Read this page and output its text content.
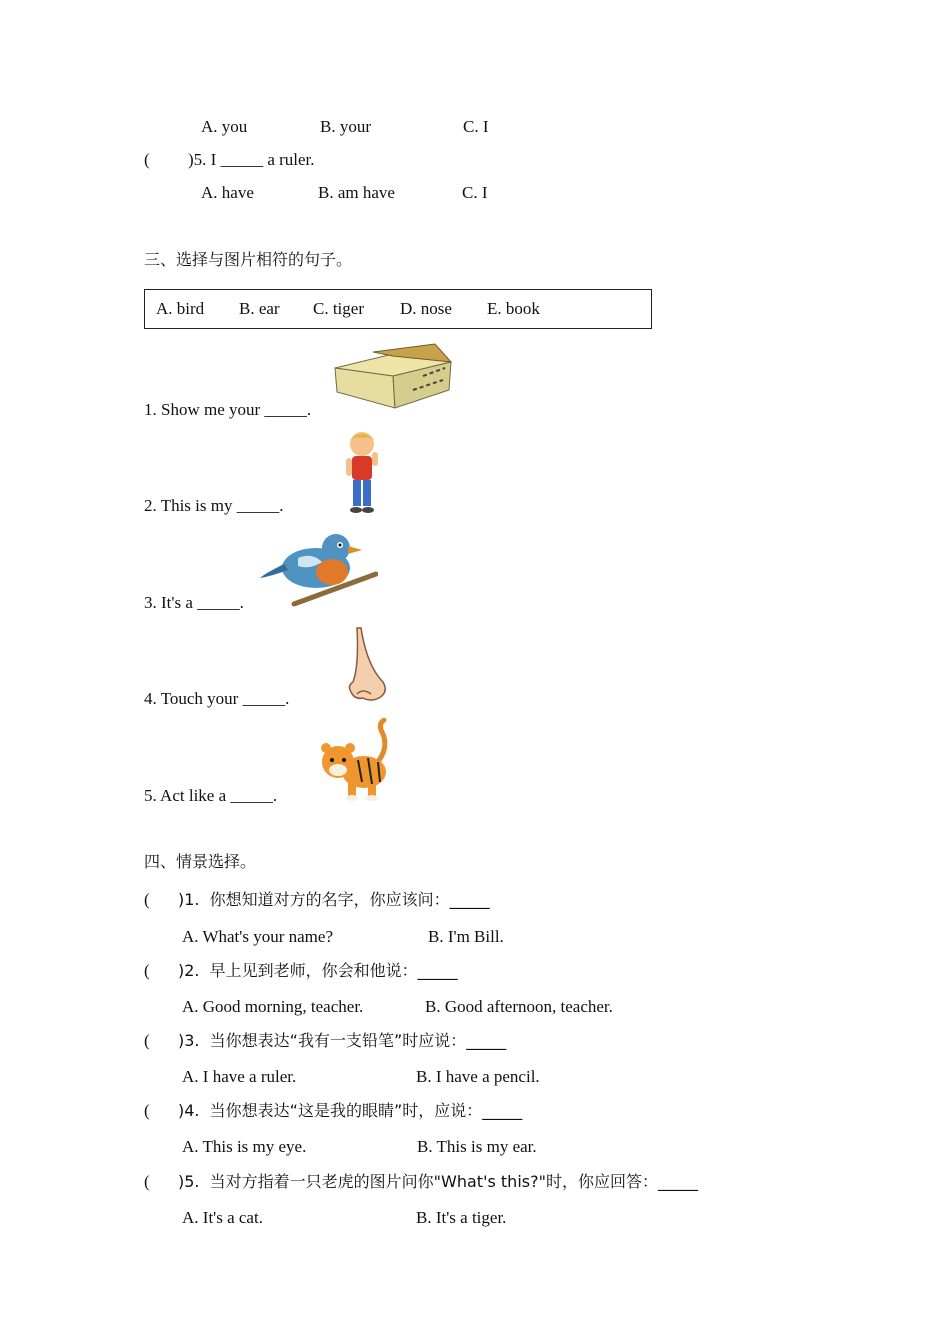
A. you	B. your	C. I
( )5. I _____ a ruler.
A. have	B. am have	C. I
三、选择与图片相符的句子。
A. bird B. ear C. tiger D. nose E. book
1. Show me your _____.
2. This is my _____.
3. It's a _____.
4. Touch your _____.
5. Act like a _____.
四、情景选择。
( )1.  你想知道对方的名字，你应该问：_____
A. What's your name?	B. I'm Bill.
( )2.  早上见到老师，你会和他说：_____
A. Good morning, teacher.	B. Good afternoon, teacher.
( )3.  当你想表达“我有一支铅笔”时应说：_____
A. I have a ruler.	B. I have a pencil.
( )4.  当你想表达“这是我的眼睛”时，应说：_____
A. This is my eye.	B. This is my ear.
( )5.  当对方指着一只老虎的图片问你"What's this?"时，你应回答：_____
A. It's a cat.	B. It's a tiger.
